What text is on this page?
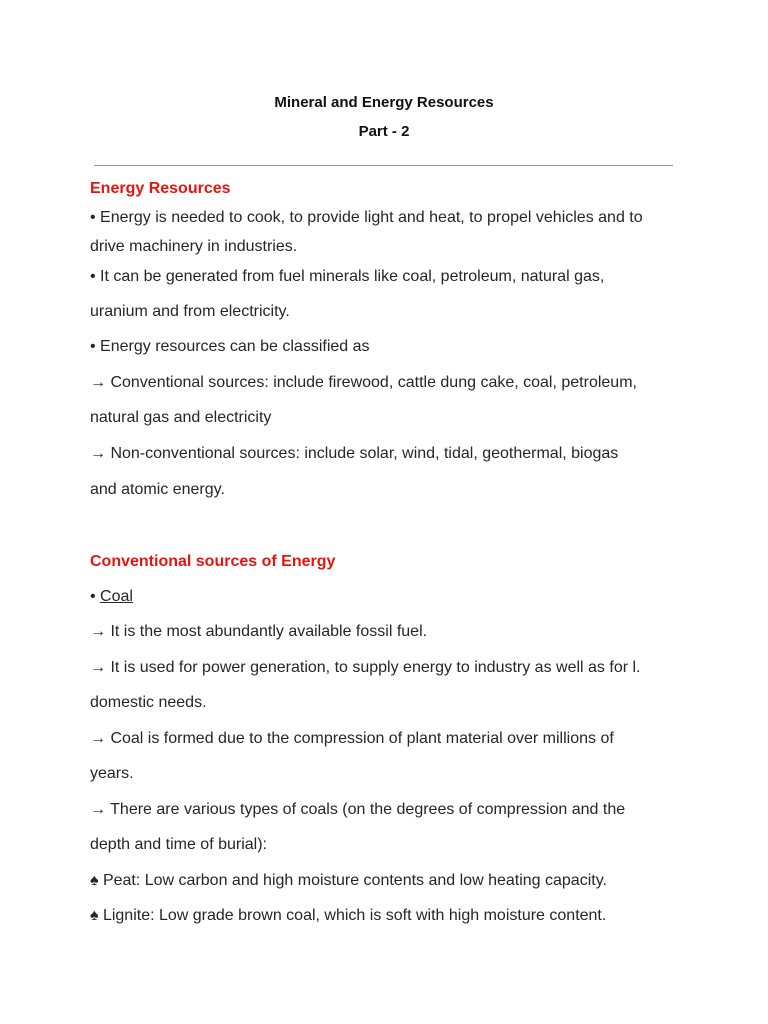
Mineral and Energy Resources
Part - 2
Energy Resources

• Energy is needed to cook, to provide light and heat, to propel vehicles and to

drive machinery in industries.

• It can be generated from fuel minerals like coal, petroleum, natural gas,

uranium and from electricity.

• Energy resources can be classified as

→ Conventional sources: include firewood, cattle dung cake, coal, petroleum,

natural gas and electricity

→ Non-conventional sources: include solar, wind, tidal, geothermal, biogas

and atomic energy.

Conventional sources of Energy

• Coal

→ It is the most abundantly available fossil fuel.

→ It is used for power generation, to supply energy to industry as well as for l.

domestic needs.

→ Coal is formed due to the compression of plant material over millions of

years.

→ There are various types of coals (on the degrees of compression and the

depth and time of burial):

♠ Peat: Low carbon and high moisture contents and low heating capacity.

♠ Lignite: Low grade brown coal, which is soft with high moisture content.
